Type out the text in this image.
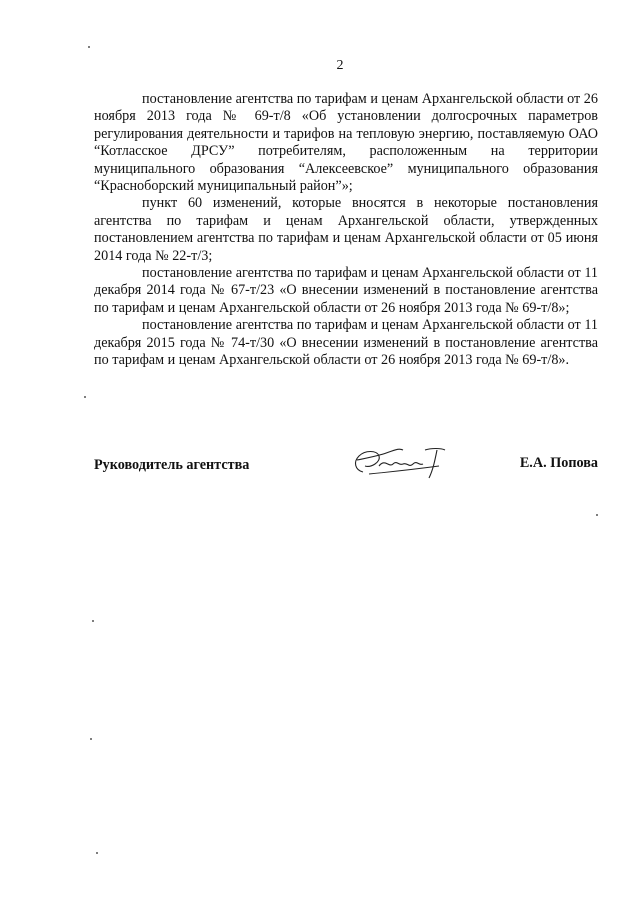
2

постановление агентства по тарифам и ценам Архангельской области от 26 ноября 2013 года № 69-т/8 «Об установлении долгосрочных параметров регулирования деятельности и тарифов на тепловую энергию, поставляемую ОАО “Котласское ДРСУ” потребителям, расположенным на территории муниципального образования “Алексеевское” муниципального образования “Красноборский муниципальный район”»;

пункт 60 изменений, которые вносятся в некоторые постановления агентства по тарифам и ценам Архангельской области, утвержденных постановлением агентства по тарифам и ценам Архангельской области от 05 июня 2014 года № 22-т/3;

постановление агентства по тарифам и ценам Архангельской области от 11 декабря 2014 года № 67-т/23 «О внесении изменений в постановление агентства по тарифам и ценам Архангельской области от 26 ноября 2013 года № 69-т/8»;

постановление агентства по тарифам и ценам Архангельской области от 11 декабря 2015 года № 74-т/30 «О внесении изменений в постановление агентства по тарифам и ценам Архангельской области от 26 ноября 2013 года № 69-т/8».

Руководитель агентства	Е.А. Попова
